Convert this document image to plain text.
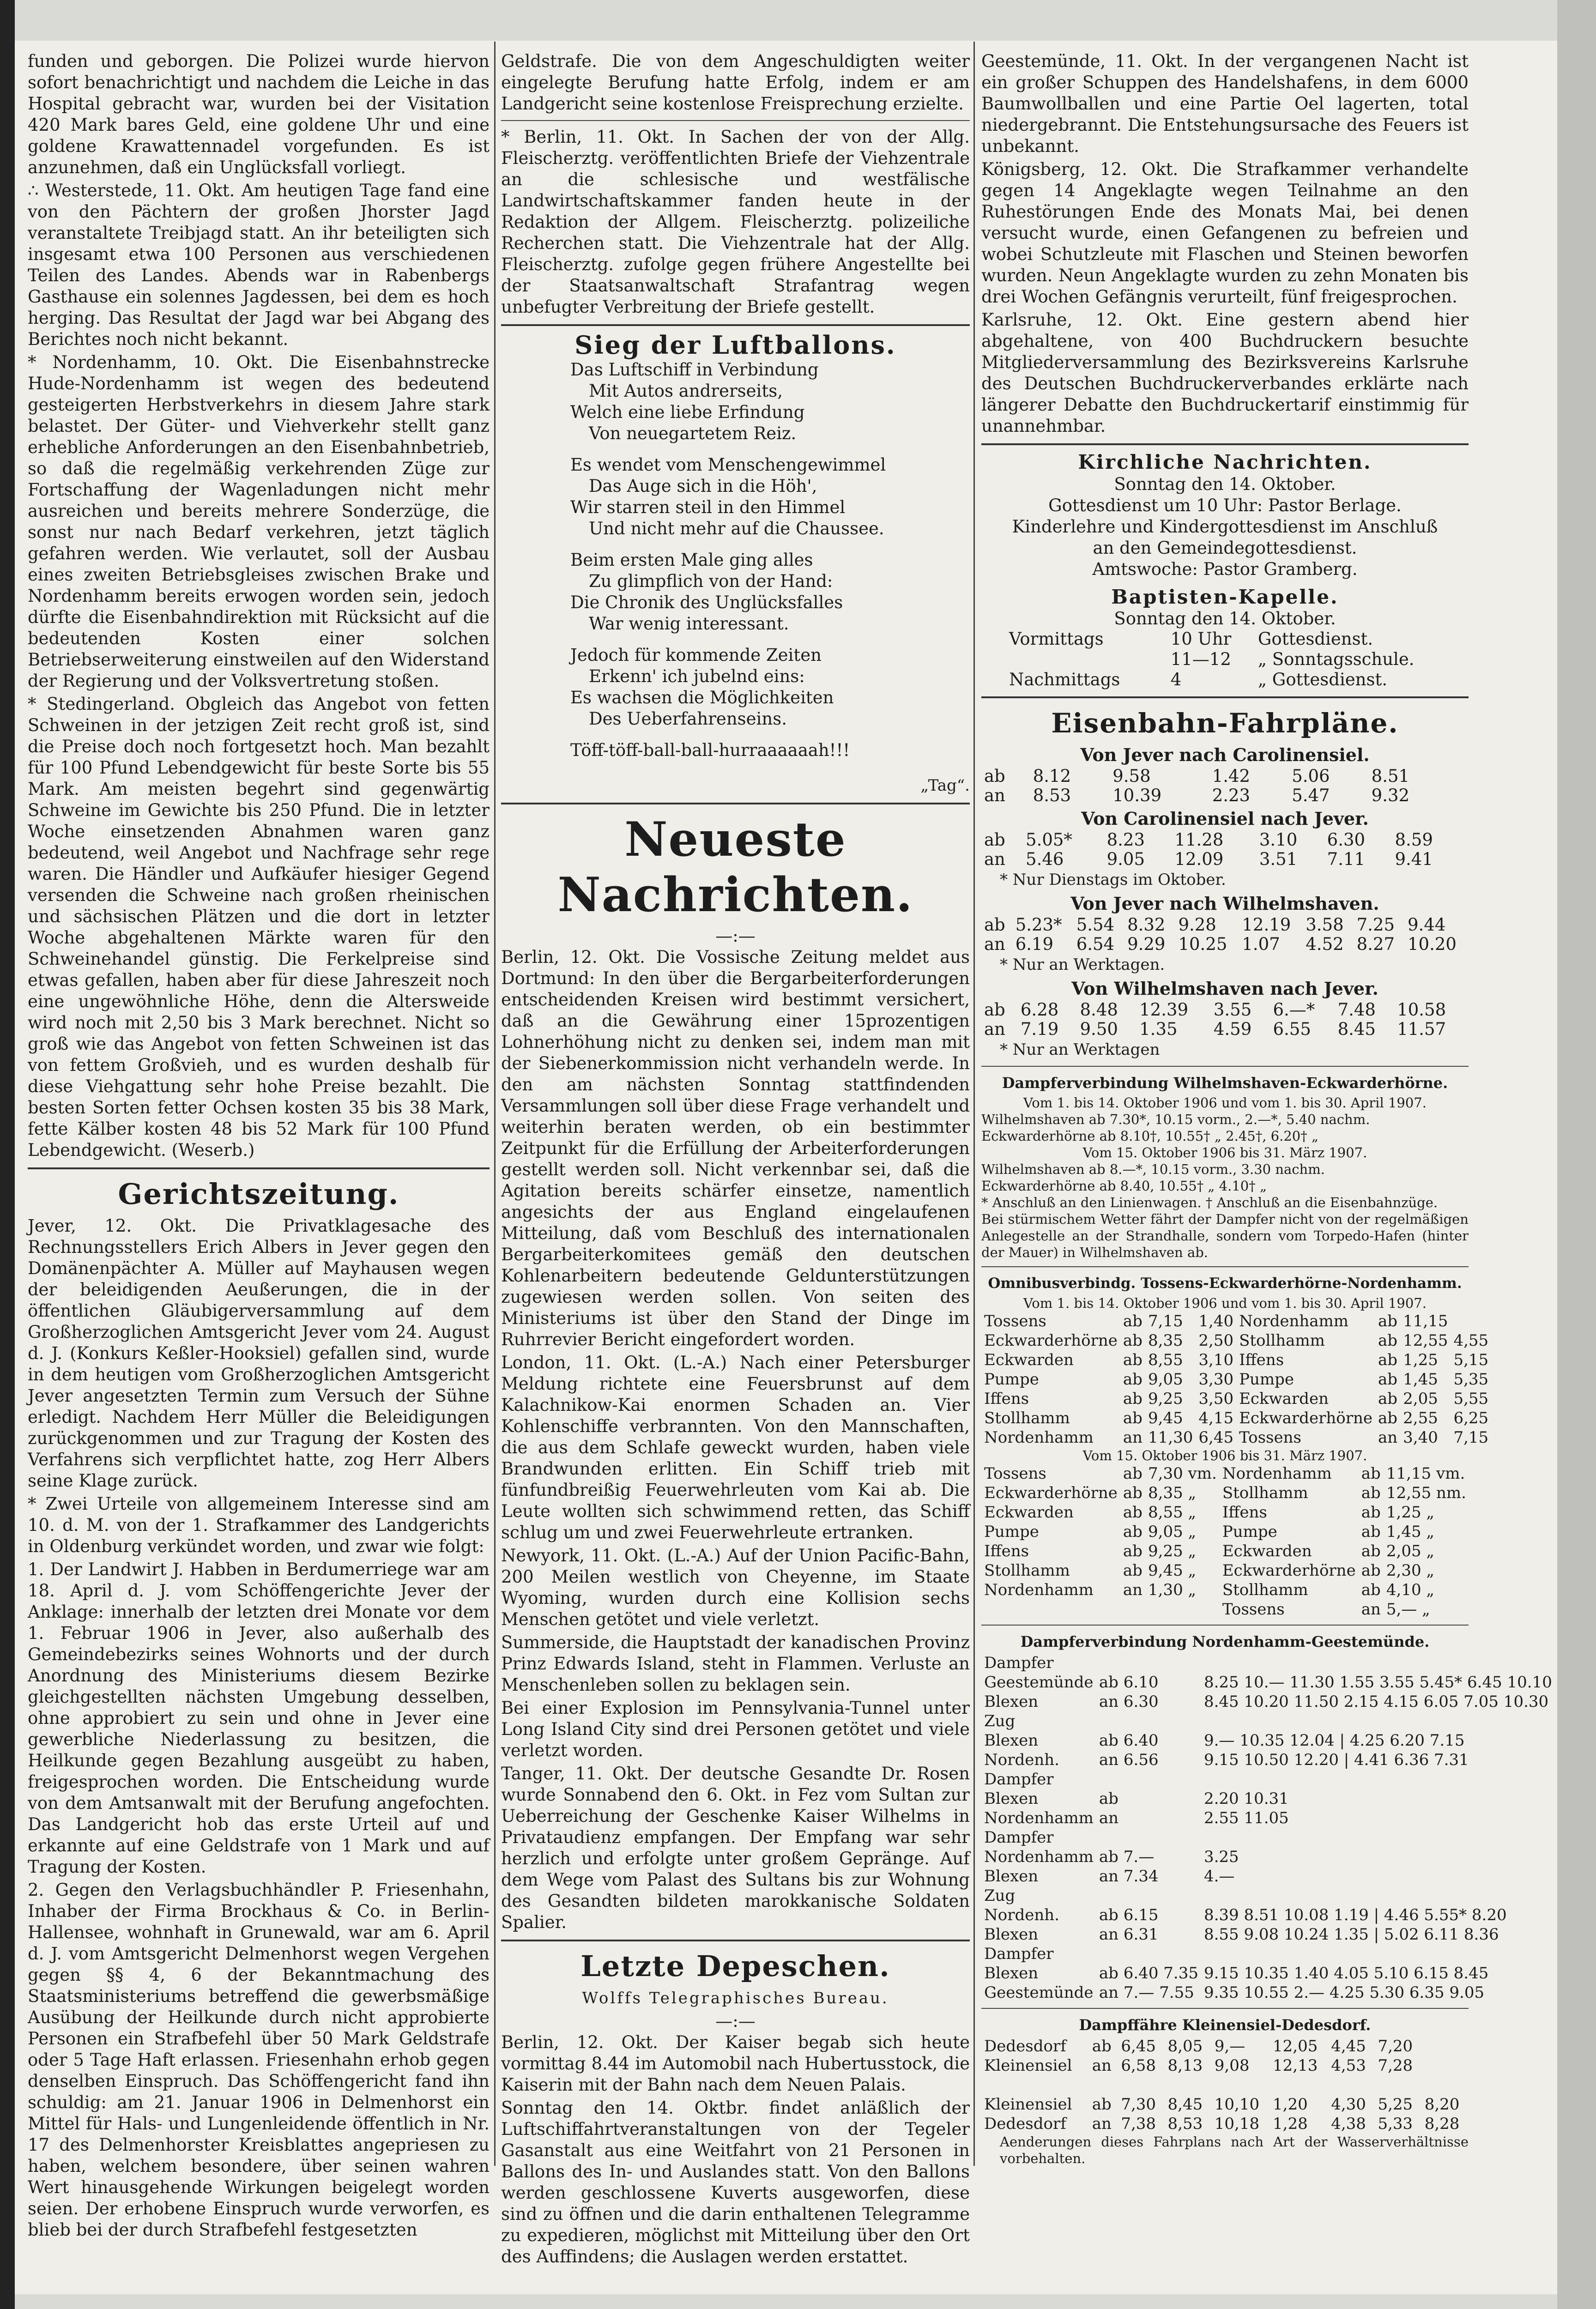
funden und geborgen. Die Polizei wurde hiervon sofort benachrichtigt und nachdem die Leiche in das Hospital gebracht war, wurden bei der Visitation 420 Mark bares Geld, eine goldene Uhr und eine goldene Krawattennadel vorgefunden. Es ist anzunehmen, daß ein Unglücksfall vorliegt.

∴ Westerstede, 11. Okt. Am heutigen Tage fand eine von den Pächtern der großen Jhorster Jagd veranstaltete Treibjagd statt. An ihr beteiligten sich insgesamt etwa 100 Personen aus verschiedenen Teilen des Landes. Abends war in Rabenbergs Gasthause ein solennes Jagdessen, bei dem es hoch herging. Das Resultat der Jagd war bei Abgang des Berichtes noch nicht bekannt.

* Nordenhamm, 10. Okt. Die Eisenbahnstrecke Hude-Nordenhamm ist wegen des bedeutend gesteigerten Herbstverkehrs in diesem Jahre stark belastet. Der Güter- und Viehverkehr stellt ganz erhebliche Anforderungen an den Eisenbahnbetrieb, so daß die regelmäßig verkehrenden Züge zur Fortschaffung der Wagenladungen nicht mehr ausreichen und bereits mehrere Sonderzüge, die sonst nur nach Bedarf verkehren, jetzt täglich gefahren werden. Wie verlautet, soll der Ausbau eines zweiten Betriebsgleises zwischen Brake und Nordenhamm bereits erwogen worden sein, jedoch dürfte die Eisenbahndirektion mit Rücksicht auf die bedeutenden Kosten einer solchen Betriebserweiterung einstweilen auf den Widerstand der Regierung und der Volksvertretung stoßen.

* Stedingerland. Obgleich das Angebot von fetten Schweinen in der jetzigen Zeit recht groß ist, sind die Preise doch noch fortgesetzt hoch. Man bezahlt für 100 Pfund Lebendgewicht für beste Sorte bis 55 Mark. Am meisten begehrt sind gegenwärtig Schweine im Gewichte bis 250 Pfund. Die in letzter Woche einsetzenden Abnahmen waren ganz bedeutend, weil Angebot und Nachfrage sehr rege waren. Die Händler und Aufkäufer hiesiger Gegend versenden die Schweine nach großen rheinischen und sächsischen Plätzen und die dort in letzter Woche abgehaltenen Märkte waren für den Schweinehandel günstig. Die Ferkelpreise sind etwas gefallen, haben aber für diese Jahreszeit noch eine ungewöhnliche Höhe, denn die Altersweide wird noch mit 2,50 bis 3 Mark berechnet. Nicht so groß wie das Angebot von fetten Schweinen ist das von fettem Großvieh, und es wurden deshalb für diese Viehgattung sehr hohe Preise bezahlt. Die besten Sorten fetter Ochsen kosten 35 bis 38 Mark, fette Kälber kosten 48 bis 52 Mark für 100 Pfund Lebendgewicht. (Weserb.)

Gerichtszeitung.

Jever, 12. Okt. Die Privatklagesache des Rechnungsstellers Erich Albers in Jever gegen den Domänenpächter A. Müller auf Mayhausen wegen der beleidigenden Aeußerungen, die in der öffentlichen Gläubigerversammlung auf dem Großherzoglichen Amtsgericht Jever vom 24. August d. J. (Konkurs Keßler-Hooksiel) gefallen sind, wurde in dem heutigen vom Großherzoglichen Amtsgericht Jever angesetzten Termin zum Versuch der Sühne erledigt. Nachdem Herr Müller die Beleidigungen zurückgenommen und zur Tragung der Kosten des Verfahrens sich verpflichtet hatte, zog Herr Albers seine Klage zurück.

* Zwei Urteile von allgemeinem Interesse sind am 10. d. M. von der 1. Strafkammer des Landgerichts in Oldenburg verkündet worden, und zwar wie folgt:

1. Der Landwirt J. Habben in Berdumerriege war am 18. April d. J. vom Schöffengerichte Jever der Anklage: innerhalb der letzten drei Monate vor dem 1. Februar 1906 in Jever, also außerhalb des Gemeindebezirks seines Wohnorts und der durch Anordnung des Ministeriums diesem Bezirke gleichgestellten nächsten Umgebung desselben, ohne approbiert zu sein und ohne in Jever eine gewerbliche Niederlassung zu besitzen, die Heilkunde gegen Bezahlung ausgeübt zu haben, freigesprochen worden. Die Entscheidung wurde von dem Amtsanwalt mit der Berufung angefochten. Das Landgericht hob das erste Urteil auf und erkannte auf eine Geldstrafe von 1 Mark und auf Tragung der Kosten.

2. Gegen den Verlagsbuchhändler P. Friesenhahn, Inhaber der Firma Brockhaus & Co. in Berlin-Hallensee, wohnhaft in Grunewald, war am 6. April d. J. vom Amtsgericht Delmenhorst wegen Vergehen gegen §§ 4, 6 der Bekanntmachung des Staatsministeriums betreffend die gewerbsmäßige Ausübung der Heilkunde durch nicht approbierte Personen ein Strafbefehl über 50 Mark Geldstrafe oder 5 Tage Haft erlassen. Friesenhahn erhob gegen denselben Einspruch. Das Schöffengericht fand ihn schuldig: am 21. Januar 1906 in Delmenhorst ein Mittel für Hals- und Lungenleidende öffentlich in Nr. 17 des Delmenhorster Kreisblattes angepriesen zu haben, welchem besondere, über seinen wahren Wert hinausgehende Wirkungen beigelegt worden seien. Der erhobene Einspruch wurde verworfen, es blieb bei der durch Strafbefehl festgesetzten

Geldstrafe. Die von dem Angeschuldigten weiter eingelegte Berufung hatte Erfolg, indem er am Landgericht seine kostenlose Freisprechung erzielte.

* Berlin, 11. Okt. In Sachen der von der Allg. Fleischerztg. veröffentlichten Briefe der Viehzentrale an die schlesische und westfälische Landwirtschaftskammer fanden heute in der Redaktion der Allgem. Fleischerztg. polizeiliche Recherchen statt. Die Viehzentrale hat der Allg. Fleischerztg. zufolge gegen frühere Angestellte bei der Staatsanwaltschaft Strafantrag wegen unbefugter Verbreitung der Briefe gestellt.

Sieg der Luftballons.
Das Luftschiff in Verbindung
Mit Autos andrerseits,
Welch eine liebe Erfindung
Von neuegartetem Reiz.
Es wendet vom Menschengewimmel
Das Auge sich in die Höh',
Wir starren steil in den Himmel
Und nicht mehr auf die Chaussee.
Beim ersten Male ging alles
Zu glimpflich von der Hand:
Die Chronik des Unglücksfalles
War wenig interessant.
Jedoch für kommende Zeiten
Erkenn' ich jubelnd eins:
Es wachsen die Möglichkeiten
Des Ueberfahrenseins.
Töff-töff-ball-ball-hurraaaaaah!!!
„Tag“.
Neueste Nachrichten.
—:—

Berlin, 12. Okt. Die Vossische Zeitung meldet aus Dortmund: In den über die Bergarbeiterforderungen entscheidenden Kreisen wird bestimmt versichert, daß an die Gewährung einer 15prozentigen Lohnerhöhung nicht zu denken sei, indem man mit der Siebenerkommission nicht verhandeln werde. In den am nächsten Sonntag stattfindenden Versammlungen soll über diese Frage verhandelt und weiterhin beraten werden, ob ein bestimmter Zeitpunkt für die Erfüllung der Arbeiterforderungen gestellt werden soll. Nicht verkennbar sei, daß die Agitation bereits schärfer einsetze, namentlich angesichts der aus England eingelaufenen Mitteilung, daß vom Beschluß des internationalen Bergarbeiterkomitees gemäß den deutschen Kohlenarbeitern bedeutende Geldunterstützungen zugewiesen werden sollen. Von seiten des Ministeriums ist über den Stand der Dinge im Ruhrrevier Bericht eingefordert worden.

London, 11. Okt. (L.-A.) Nach einer Petersburger Meldung richtete eine Feuersbrunst auf dem Kalachnikow-Kai enormen Schaden an. Vier Kohlenschiffe verbrannten. Von den Mannschaften, die aus dem Schlafe geweckt wurden, haben viele Brandwunden erlitten. Ein Schiff trieb mit fünfundbreißig Feuerwehrleuten vom Kai ab. Die Leute wollten sich schwimmend retten, das Schiff schlug um und zwei Feuerwehrleute ertranken.

Newyork, 11. Okt. (L.-A.) Auf der Union Pacific-Bahn, 200 Meilen westlich von Cheyenne, im Staate Wyoming, wurden durch eine Kollision sechs Menschen getötet und viele verletzt.

Summerside, die Hauptstadt der kanadischen Provinz Prinz Edwards Island, steht in Flammen. Verluste an Menschenleben sollen zu beklagen sein.

Bei einer Explosion im Pennsylvania-Tunnel unter Long Island City sind drei Personen getötet und viele verletzt worden.

Tanger, 11. Okt. Der deutsche Gesandte Dr. Rosen wurde Sonnabend den 6. Okt. in Fez vom Sultan zur Ueberreichung der Geschenke Kaiser Wilhelms in Privataudienz empfangen. Der Empfang war sehr herzlich und erfolgte unter großem Gepränge. Auf dem Wege vom Palast des Sultans bis zur Wohnung des Gesandten bildeten marokkanische Soldaten Spalier.

Letzte Depeschen.
Wolffs Telegraphisches Bureau.
—:—

Berlin, 12. Okt. Der Kaiser begab sich heute vormittag 8.44 im Automobil nach Hubertusstock, die Kaiserin mit der Bahn nach dem Neuen Palais.

Sonntag den 14. Oktbr. findet anläßlich der Luftschiffahrtveranstaltungen von der Tegeler Gasanstalt aus eine Weitfahrt von 21 Personen in Ballons des In- und Auslandes statt. Von den Ballons werden geschlossene Kuverts ausgeworfen, diese sind zu öffnen und die darin enthaltenen Telegramme zu expedieren, möglichst mit Mitteilung über den Ort des Auffindens; die Auslagen werden erstattet.

Geestemünde, 11. Okt. In der vergangenen Nacht ist ein großer Schuppen des Handelshafens, in dem 6000 Baumwollballen und eine Partie Oel lagerten, total niedergebrannt. Die Entstehungsursache des Feuers ist unbekannt.

Königsberg, 12. Okt. Die Strafkammer verhandelte gegen 14 Angeklagte wegen Teilnahme an den Ruhestörungen Ende des Monats Mai, bei denen versucht wurde, einen Gefangenen zu befreien und wobei Schutzleute mit Flaschen und Steinen beworfen wurden. Neun Angeklagte wurden zu zehn Monaten bis drei Wochen Gefängnis verurteilt, fünf freigesprochen.

Karlsruhe, 12. Okt. Eine gestern abend hier abgehaltene, von 400 Buchdruckern besuchte Mitgliederversammlung des Bezirksvereins Karlsruhe des Deutschen Buchdruckerverbandes erklärte nach längerer Debatte den Buchdruckertarif einstimmig für unannehmbar.

Kirchliche Nachrichten.
Sonntag den 14. Oktober.
Gottesdienst um 10 Uhr: Pastor Berlage.
Kinderlehre und Kindergottesdienst im Anschluß
an den Gemeindegottesdienst.
Amtswoche: Pastor Gramberg.
Baptisten-Kapelle.
Sonntag den 14. Oktober.		
Vormittags	10 Uhr	Gottesdienst.
	11—12	„ Sonntagsschule.
Nachmittags	4	„ Gottesdienst.
Eisenbahn-Fahrpläne.
Von Jever nach Carolinensiel.
ab	8.12	9.58	1.42	5.06	8.51		
an	8.53	10.39	2.23	5.47	9.32		
Von Carolinensiel nach Jever.
ab	5.05*	8.23	11.28	3.10	6.30	8.59	
an	5.46	9.05	12.09	3.51	7.11	9.41	
* Nur Dienstags im Oktober.
Von Jever nach Wilhelmshaven.
ab	5.23*	5.54	8.32	9.28	12.19	3.58	7.25	9.44
an	6.19	6.54	9.29	10.25	1.07	4.52	8.27	10.20
* Nur an Werktagen.
Von Wilhelmshaven nach Jever.
ab	6.28	8.48	12.39	3.55	6.—*	7.48	10.58
an	7.19	9.50	1.35	4.59	6.55	8.45	11.57
* Nur an Werktagen
Dampferverbindung Wilhelmshaven-Eckwarderhörne.
Vom 1. bis 14. Oktober 1906 und vom 1. bis 30. April 1907.
Wilhelmshaven ab 7.30*, 10.15 vorm., 2.—*, 5.40 nachm.
Eckwarderhörne ab 8.10†, 10.55† „ 2.45†, 6.20† „
Vom 15. Oktober 1906 bis 31. März 1907.
Wilhelmshaven ab 8.—*, 10.15 vorm., 3.30 nachm.
Eckwarderhörne ab 8.40, 10.55† „ 4.10† „
* Anschluß an den Linienwagen. † Anschluß an die Eisenbahnzüge.
Bei stürmischem Wetter fährt der Dampfer nicht von der regelmäßigen Anlegestelle an der Strandhalle, sondern vom Torpedo-Hafen (hinter der Mauer) in Wilhelmshaven ab.
Omnibusverbindg. Tossens-Eckwarderhörne-Nordenhamm.
Vom 1. bis 14. Oktober 1906 und vom 1. bis 30. April 1907.
Tossens	ab	7,15	1,40	Nordenhamm	ab	11,15	
Eckwarderhörne	ab	8,35	2,50	Stollhamm	ab	12,55	4,55
Eckwarden	ab	8,55	3,10	Iffens	ab	1,25	5,15
Pumpe	ab	9,05	3,30	Pumpe	ab	1,45	5,35
Iffens	ab	9,25	3,50	Eckwarden	ab	2,05	5,55
Stollhamm	ab	9,45	4,15	Eckwarderhörne	ab	2,55	6,25
Nordenhamm	an	11,30	6,45	Tossens	an	3,40	7,15
Vom 15. Oktober 1906 bis 31. März 1907.
Tossens	ab	7,30 vm.	Nordenhamm	ab	11,15 vm.
Eckwarderhörne	ab	8,35 „	Stollhamm	ab	12,55 nm.
Eckwarden	ab	8,55 „	Iffens	ab	1,25 „
Pumpe	ab	9,05 „	Pumpe	ab	1,45 „
Iffens	ab	9,25 „	Eckwarden	ab	2,05 „
Stollhamm	ab	9,45 „	Eckwarderhörne	ab	2,30 „
Nordenhamm	an	1,30 „	Stollhamm	ab	4,10 „
			Tossens	an	5,— „
Dampferverbindung Nordenhamm-Geestemünde.
Dampfer		
Geestemünde	ab 6.10	8.25 10.— 11.30 1.55 3.55 5.45* 6.45 10.10
Blexen	an 6.30	8.45 10.20 11.50 2.15 4.15 6.05 7.05 10.30
Zug		
Blexen	ab 6.40	9.— 10.35 12.04 | 4.25 6.20 7.15
Nordenh.	an 6.56	9.15 10.50 12.20 | 4.41 6.36 7.31
Dampfer		
Blexen	ab	2.20 10.31
Nordenhamm	an	2.55 11.05
Dampfer		
Nordenhamm	ab 7.—	3.25
Blexen	an 7.34	4.—
Zug		
Nordenh.	ab 6.15	8.39 8.51 10.08 1.19 | 4.46 5.55* 8.20
Blexen	an 6.31	8.55 9.08 10.24 1.35 | 5.02 6.11 8.36
Dampfer		
Blexen	ab 6.40 7.35	9.15 10.35 1.40 4.05 5.10 6.15 8.45
Geestemünde	an 7.— 7.55	9.35 10.55 2.— 4.25 5.30 6.35 9.05
Dampffähre Kleinensiel-Dedesdorf.
Dedesdorf	ab	6,45	8,05	9,—	12,05	4,45	7,20	
Kleinensiel	an	6,58	8,13	9,08	12,13	4,53	7,28	

Kleinensiel	ab	7,30	8,45	10,10	1,20	4,30	5,25	8,20
Dedesdorf	an	7,38	8,53	10,18	1,28	4,38	5,33	8,28
Aenderungen dieses Fahrplans nach Art der Wasserverhältnisse vorbehalten.
